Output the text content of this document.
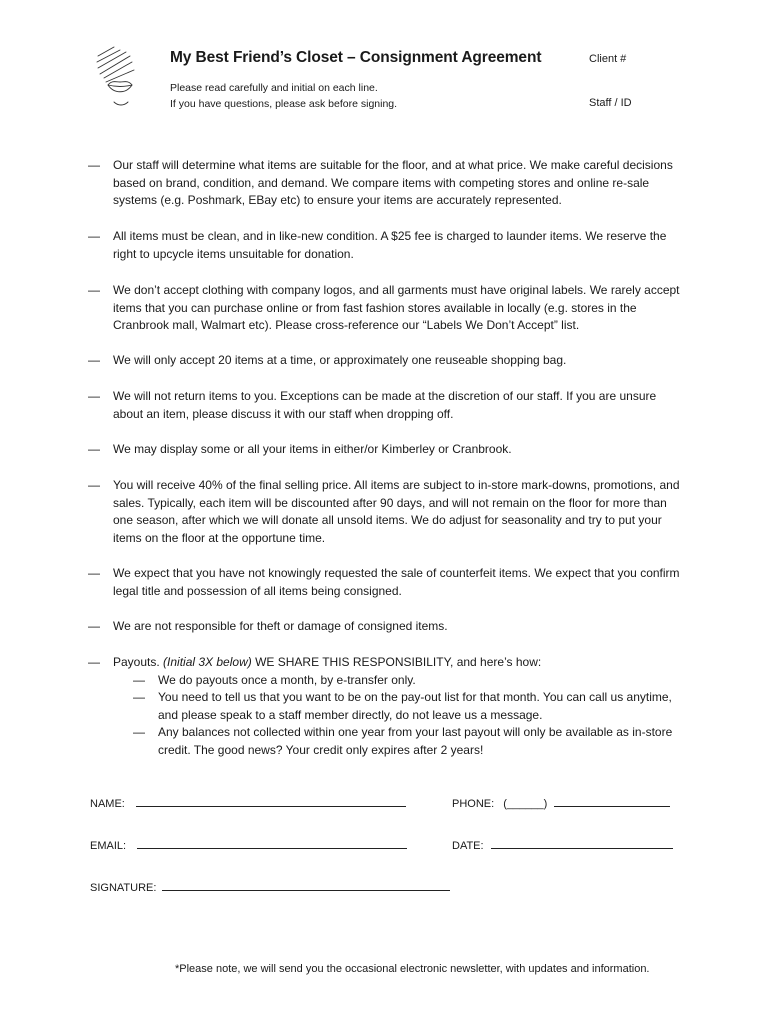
My Best Friend’s Closet – Consignment Agreement
Please read carefully and initial on each line.
If you have questions, please ask before signing.
Client #
Staff / ID
—	Our staff will determine what items are suitable for the floor, and at what price. We make careful decisions based on brand, condition, and demand. We compare items with competing stores and online re-sale systems (e.g. Poshmark, EBay etc) to ensure your items are accurately represented.
—	All items must be clean, and in like-new condition. A $25 fee is charged to launder items. We reserve the right to upcycle items unsuitable for donation.
—	We don’t accept clothing with company logos, and all garments must have original labels. We rarely accept items that you can purchase online or from fast fashion stores available in locally (e.g. stores in the Cranbrook mall, Walmart etc). Please cross-reference our “Labels We Don’t Accept” list.
—	We will only accept 20 items at a time, or approximately one reuseable shopping bag.
—	We will not return items to you. Exceptions can be made at the discretion of our staff. If you are unsure about an item, please discuss it with our staff when dropping off.
—	We may display some or all your items in either/or Kimberley or Cranbrook.
—	You will receive 40% of the final selling price. All items are subject to in-store mark-downs, promotions, and sales. Typically, each item will be discounted after 90 days, and will not remain on the floor for more than one season, after which we will donate all unsold items. We do adjust for seasonality and try to put your items on the floor at the opportune time.
—	We expect that you have not knowingly requested the sale of counterfeit items. We expect that you confirm legal title and possession of all items being consigned.
—	We are not responsible for theft or damage of consigned items.
—	Payouts. (Initial 3X below) WE SHARE THIS RESPONSIBILITY, and here’s how:
— We do payouts once a month, by e-transfer only.
— You need to tell us that you want to be on the pay-out list for that month. You can call us anytime, and please speak to a staff member directly, do not leave us a message.
— Any balances not collected within one year from your last payout will only be available as in-store credit. The good news? Your credit only expires after 2 years!
NAME:	PHONE: (______)
EMAIL:	DATE:
SIGNATURE:
*Please note, we will send you the occasional electronic newsletter, with updates and information.
